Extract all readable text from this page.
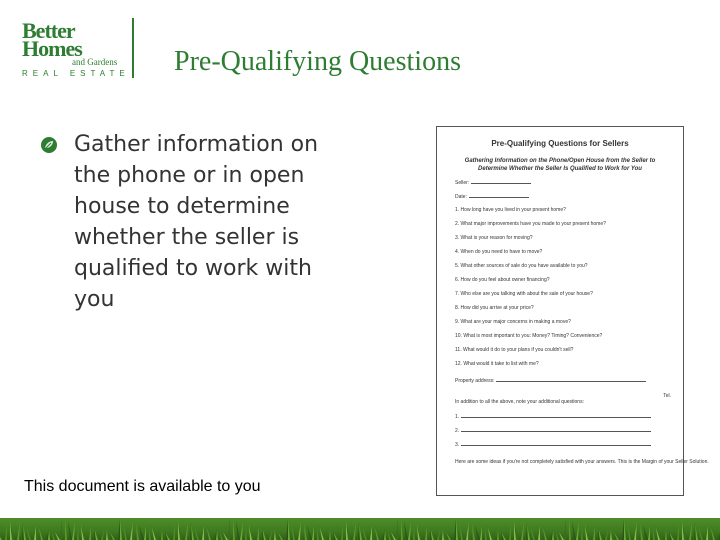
Better
Homes
and Gardens
REAL ESTATE Pre-Qualifying Questions
Gather information on the phone or in open house to determine whether the seller is qualified to work with you
This document is available to you
Pre-Qualifying Questions for Sellers
Gathering Information on the Phone/Open House from the Seller to Determine Whether the Seller Is Qualified to Work for You
Seller:
Date:
1. How long have you lived in your present home?
2. What major improvements have you made to your present home?
3. What is your reason for moving?
4. When do you need to have to move?
5. What other sources of sale do you have available to you?
6. How do you feel about owner financing?
7. Who else are you talking with about the sale of your house?
8. How did you arrive at your price?
9. What are your major concerns in making a move?
10. What is most important to you: Money? Timing? Convenience?
11. What would it do to your plans if you couldn't sell?
12. What would it take to list with me?
Property address:
Tel.
In addition to all the above, note your additional questions:
1.
2.
3.
Here are some ideas if you're not completely satisfied with your answers. This is the Margin of your Seller Solution.
